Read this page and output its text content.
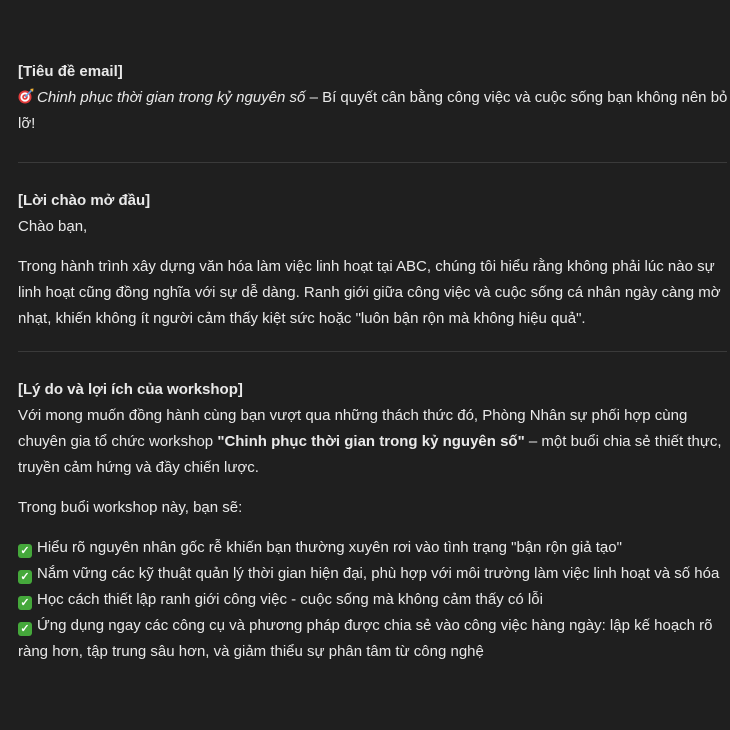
[Tiêu đề email]

Chinh phục thời gian trong kỷ nguyên số – Bí quyết cân bằng công việc và cuộc sống bạn không nên bỏ lỡ!

[Lời chào mở đầu]

Chào bạn,

Trong hành trình xây dựng văn hóa làm việc linh hoạt tại ABC, chúng tôi hiểu rằng không phải lúc nào sự linh hoạt cũng đồng nghĩa với sự dễ dàng. Ranh giới giữa công việc và cuộc sống cá nhân ngày càng mờ nhạt, khiến không ít người cảm thấy kiệt sức hoặc "luôn bận rộn mà không hiệu quả".

[Lý do và lợi ích của workshop]

Với mong muốn đồng hành cùng bạn vượt qua những thách thức đó, Phòng Nhân sự phối hợp cùng chuyên gia tổ chức workshop "Chinh phục thời gian trong kỷ nguyên số" – một buổi chia sẻ thiết thực, truyền cảm hứng và đầy chiến lược.

Trong buổi workshop này, bạn sẽ:

✓ Hiểu rõ nguyên nhân gốc rễ khiến bạn thường xuyên rơi vào tình trạng "bận rộn giả tạo"
✓ Nắm vững các kỹ thuật quản lý thời gian hiện đại, phù hợp với môi trường làm việc linh hoạt và số hóa
✓ Học cách thiết lập ranh giới công việc - cuộc sống mà không cảm thấy có lỗi
✓ Ứng dụng ngay các công cụ và phương pháp được chia sẻ vào công việc hàng ngày: lập kế hoạch rõ ràng hơn, tập trung sâu hơn, và giảm thiểu sự phân tâm từ công nghệ
